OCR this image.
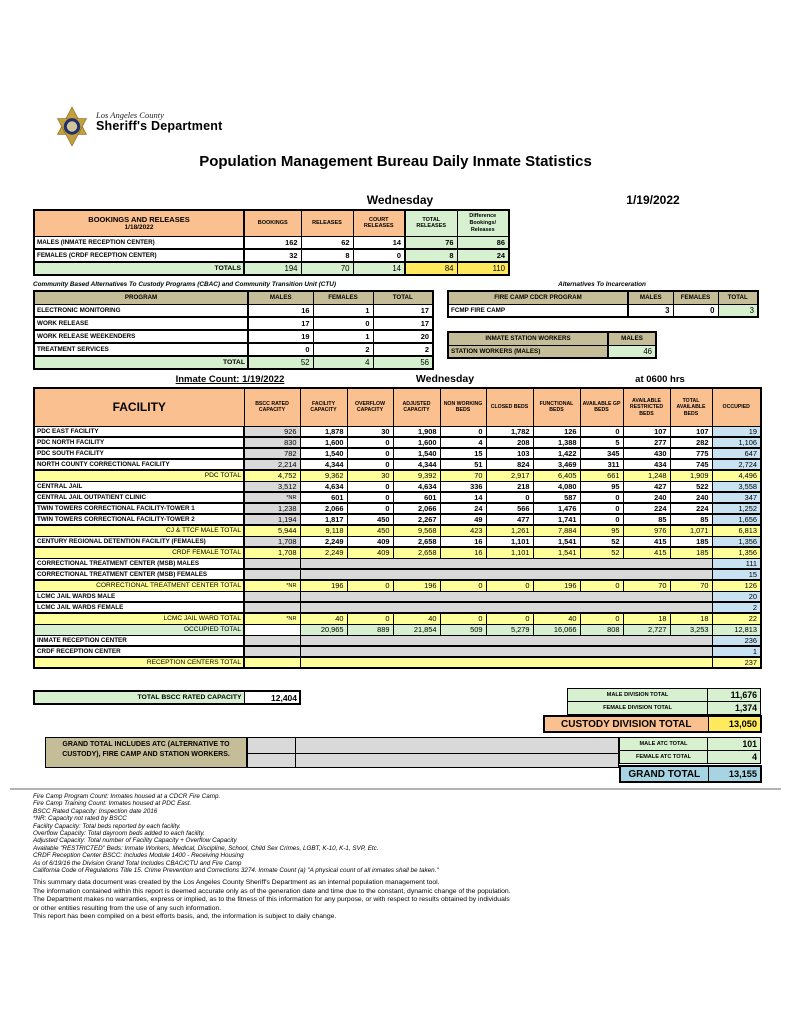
Los Angeles County
Sheriff's Department
Population Management Bureau Daily Inmate Statistics
Wednesday	1/19/2022
BOOKINGS AND RELEASES
1/18/2022	BOOKINGS	RELEASES	COURT RELEASES	TOTAL RELEASES	Difference Bookings/ Releases
MALES (INMATE RECEPTION CENTER)	162	62	14	76	86
FEMALES (CRDF RECEPTION CENTER)	32	8	0	8	24
TOTALS	194	70	14	84	110
Community Based Alternatives To Custody Programs (CBAC) and Community Transition Unit (CTU)
PROGRAM	MALES	FEMALES	TOTAL
ELECTRONIC MONITORING	16	1	17
WORK RELEASE	17	0	17
WORK RELEASE WEEKENDERS	19	1	20
TREATMENT SERVICES	0	2	2
TOTAL	52	4	56
Alternatives To Incarceration
FIRE CAMP CDCR PROGRAM	MALES	FEMALES	TOTAL
FCMP FIRE CAMP	3	0	3
INMATE STATION WORKERS	MALES
STATION WORKERS (MALES)	46
Inmate Count: 1/19/2022	Wednesday	at 0600 hrs
FACILITY	BSCC RATED CAPACITY	FACILITY CAPACITY	OVERFLOW CAPACITY	ADJUSTED CAPACITY	NON WORKING BEDS	CLOSED BEDS	FUNCTIONAL BEDS	AVAILABLE GP BEDS	AVAILABLE RESTRICTED BEDS	TOTAL AVAILABLE BEDS	OCCUPIED
PDC EAST FACILITY	926	1,878	30	1,908	0	1,782	126	0	107	107	19
PDC NORTH FACILITY	830	1,600	0	1,600	4	208	1,388	5	277	282	1,106
PDC SOUTH FACILITY	782	1,540	0	1,540	15	103	1,422	345	430	775	647
NORTH COUNTY CORRECTIONAL FACILITY	2,214	4,344	0	4,344	51	824	3,469	311	434	745	2,724
PDC TOTAL	4,752	9,362	30	9,392	70	2,917	6,405	661	1,248	1,909	4,496
CENTRAL JAIL	3,512	4,634	0	4,634	336	218	4,080	95	427	522	3,558
CENTRAL JAIL OUTPATIENT CLINIC	*NR	601	0	601	14	0	587	0	240	240	347
TWIN TOWERS CORRECTIONAL FACILITY-TOWER 1	1,238	2,066	0	2,066	24	566	1,476	0	224	224	1,252
TWIN TOWERS CORRECTIONAL FACILITY-TOWER 2	1,194	1,817	450	2,267	49	477	1,741	0	85	85	1,656
CJ & TTCF MALE TOTAL	5,944	9,118	450	9,568	423	1,261	7,884	95	976	1,071	6,813
CENTURY REGIONAL DETENTION FACILITY (FEMALES)	1,708	2,249	409	2,658	16	1,101	1,541	52	415	185	1,356
CRDF FEMALE TOTAL	1,708	2,249	409	2,658	16	1,101	1,541	52	415	185	1,356
CORRECTIONAL TREATMENT CENTER (MSB) MALES											111
CORRECTIONAL TREATMENT CENTER (MSB) FEMALES											15
CORRECTIONAL TREATMENT CENTER TOTAL	*NR	196	0	196	0	0	196	0	70	70	126
LCMC JAIL WARDS MALE											20
LCMC JAIL WARDS FEMALE											2
LCMC JAIL WARD TOTAL	*NR	40	0	40	0	0	40	0	18	18	22
OCCUPIED TOTAL		20,965	889	21,854	509	5,279	16,066	808	2,727	3,253	12,813
INMATE RECEPTION CENTER											236
CRDF RECEPTION CENTER											1
RECEPTION CENTERS TOTAL											237
TOTAL BSCC RATED CAPACITY	12,404	MALE DIVISION TOTAL	11,676
FEMALE DIVISION TOTAL	1,374
CUSTODY DIVISION TOTAL	13,050
GRAND TOTAL INCLUDES ATC (ALTERNATIVE TO
CUSTODY), FIRE CAMP AND STATION WORKERS.
MALE ATC TOTAL	101
FEMALE ATC TOTAL	4
GRAND TOTAL	13,155
Fire Camp Program Count: Inmates housed at a CDCR Fire Camp.
Fire Camp Training Count: Inmates housed at PDC East.
BSCC Rated Capacity: Inspection date 2016
*NR: Capacity not rated by BSCC
Facility Capacity: Total beds reported by each facility.
Overflow Capacity: Total dayroom beds added to each facility.
Adjusted Capacity: Total number of Facility Capacity + Overflow Capacity
Available "RESTRICTED" Beds: Inmate Workers, Medical, Discipline, School, Child Sex Crimes, LGBT, K-10, K-1, SVP, Etc.
CRDF Reception Center BSCC: Includes Module 1400 - Receiving Housing
As of 6/19/16 the Division Grand Total Includes CBAC/CTU and Fire Camp
California Code of Regulations Title 15. Crime Prevention and Corrections 3274. Inmate Count (a) "A physical count of all inmates shall be taken."
This summary data document was created by the Los Angeles County Sheriff's Department as an internal population management tool.
The information contained within this report is deemed accurate only as of the generation date and time due to the constant, dynamic change of the population.
The Department makes no warranties, express or implied, as to the fitness of this information for any purpose, or with respect to results obtained by individuals
or other entities resulting from the use of any such information.
This report has been compiled on a best efforts basis, and, the information is subject to daily change.
